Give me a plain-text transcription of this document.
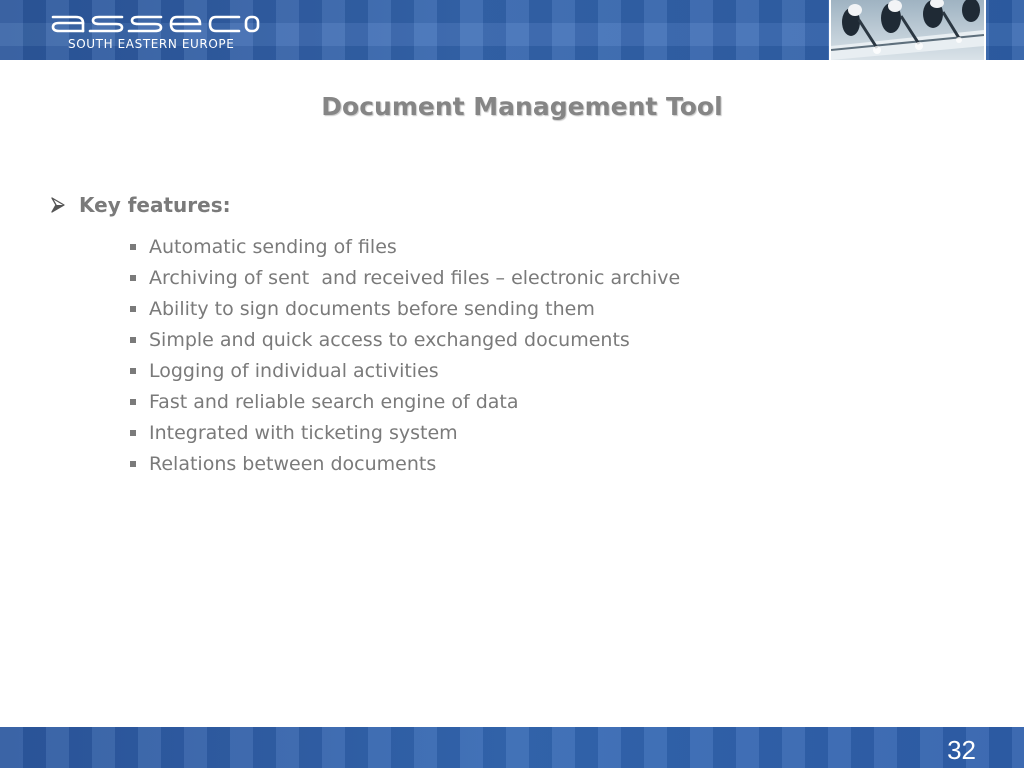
SOUTH EASTERN EUROPE
Document Management Tool
Key features:
Automatic sending of files
Archiving of sent  and received files – electronic archive
Ability to sign documents before sending them
Simple and quick access to exchanged documents
Logging of individual activities
Fast and reliable search engine of data
Integrated with ticketing system
Relations between documents
32
